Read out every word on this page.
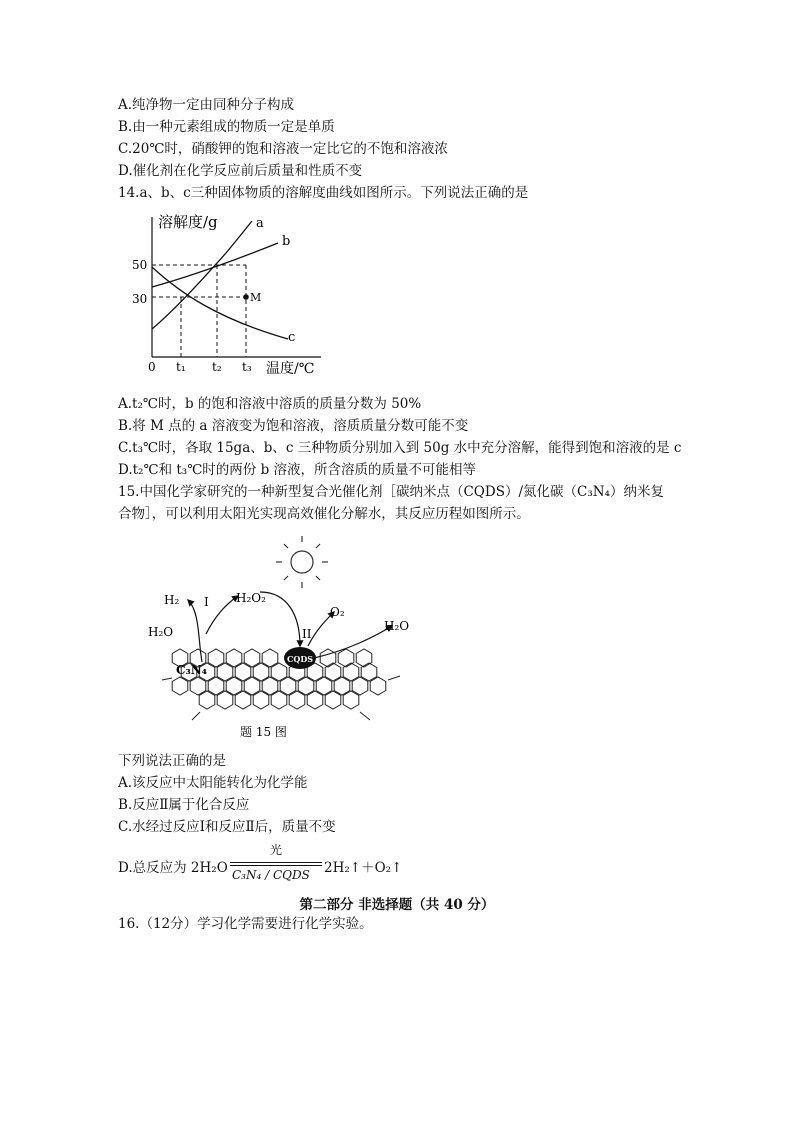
A.纯净物一定由同种分子构成
B.由一种元素组成的物质一定是单质
C.20℃时，硝酸钾的饱和溶液一定比它的不饱和溶液浓
D.催化剂在化学反应前后质量和性质不变
14.a、b、c三种固体物质的溶解度曲线如图所示。下列说法正确的是
溶解度/g
温度/℃
0 t₁ t₂ t₃
50
30
a
b
c
M
A.t₂℃时，b 的饱和溶液中溶质的质量分数为 50%
B.将 M 点的 a 溶液变为饱和溶液，溶质质量分数可能不变
C.t₃℃时，各取 15ga、b、c 三种物质分别加入到 50g 水中充分溶解，能得到饱和溶液的是 c
D.t₂℃和 t₃℃时的两份 b 溶液，所含溶质的质量不可能相等
15.中国化学家研究的一种新型复合光催化剂［碳纳米点（CQDS）/氮化碳（C₃N₄）纳米复
合物］，可以利用太阳光实现高效催化分解水，其反应历程如图所示。
H₂ I H₂O₂
H₂O
O₂
II
H₂O
CQDS
C₃N₄
题 15 图
下列说法正确的是
A.该反应中太阳能转化为化学能
B.反应Ⅱ属于化合反应
C.水经过反应Ⅰ和反应Ⅱ后，质量不变
D.总反应为 2H₂O
光
C₃N₄ / CQDS 2H₂↑＋O₂↑
第二部分 非选择题（共 40 分）
16.（12分）学习化学需要进行化学实验。
